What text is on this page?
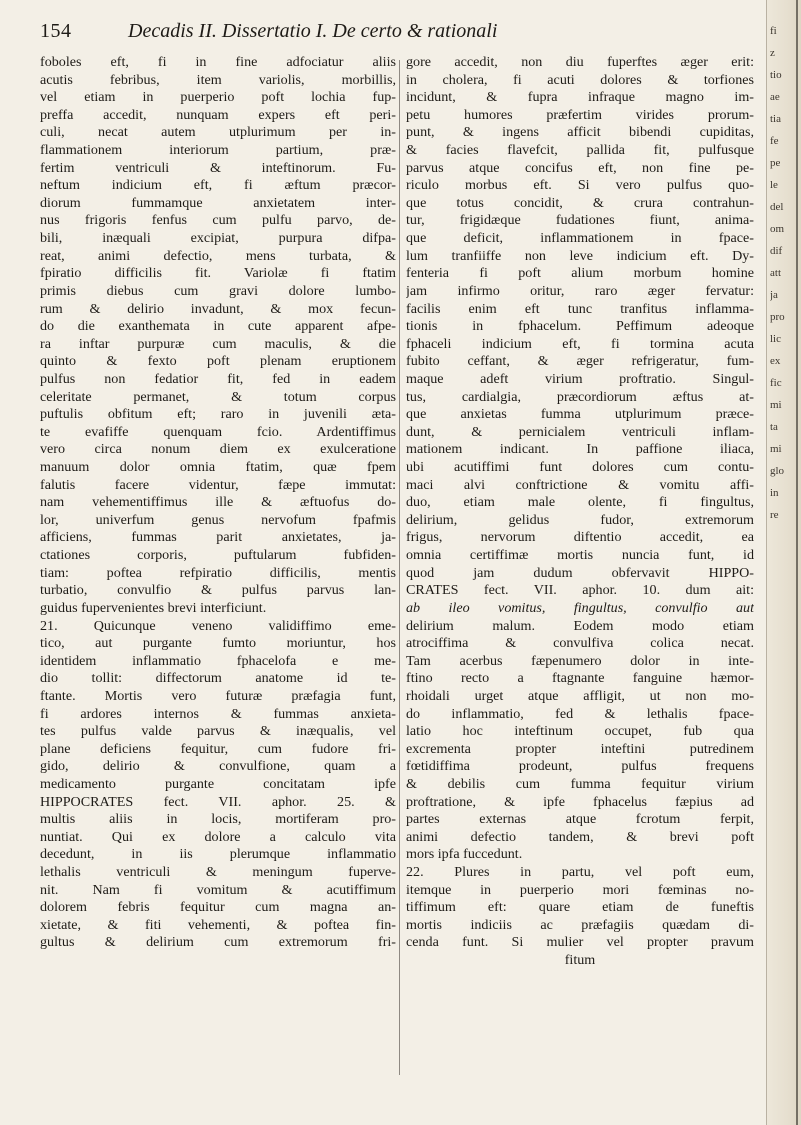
154	Decadis II. Dissertatio I. De certo & rationali
foboles eft, fi in fine adfociatur aliis
acutis febribus, item variolis, morbillis,
vel etiam in puerperio poft lochia fup-
preffa accedit, nunquam expers eft peri-
culi, necat autem utplurimum per in-
flammationem interiorum partium, præ-
fertim ventriculi & inteftinorum. Fu-
neftum indicium eft, fi æftum præcor-
diorum fummamque anxietatem inter-
nus frigoris fenfus cum pulfu parvo, de-
bili, inæquali excipiat, purpura difpa-
reat, animi defectio, mens turbata, &
fpiratio difficilis fit. Variolæ fi ftatim
primis diebus cum gravi dolore lumbo-
rum & delirio invadunt, & mox fecun-
do die exanthemata in cute apparent afpe-
ra inftar purpuræ cum maculis, & die
quinto & fexto poft plenam eruptionem
pulfus non fedatior fit, fed in eadem
celeritate permanet, & totum corpus
puftulis obfitum eft; raro in juvenili æta-
te evafiffe quenquam fcio. Ardentiffimus
vero circa nonum diem ex exulceratione
manuum dolor omnia ftatim, quæ fpem
falutis facere videntur, fæpe immutat:
nam vehementiffimus ille & æftuofus do-
lor, univerfum genus nervofum fpafmis
afficiens, fummas parit anxietates, ja-
ctationes corporis, puftularum fubfiden-
tiam: poftea refpiratio difficilis, mentis
turbatio, convulfio & pulfus parvus lan-
guidus fupervenientes brevi interficiunt.
21. Quicunque veneno validiffimo eme-
tico, aut purgante fumto moriuntur, hos
identidem inflammatio fphacelofa e me-
dio tollit: diffectorum anatome id te-
ftante. Mortis vero futuræ præfagia funt,
fi ardores internos & fummas anxieta-
tes pulfus valde parvus & inæqualis, vel
plane deficiens fequitur, cum fudore fri-
gido, delirio & convulfione, quam a
medicamento purgante concitatam ipfe
HIPPOCRATES fect. VII. aphor. 25. &
multis aliis in locis, mortiferam pro-
nuntiat. Qui ex dolore a calculo vita
decedunt, in iis plerumque inflammatio
lethalis ventriculi & meningum fuperve-
nit. Nam fi vomitum & acutiffimum
dolorem febris fequitur cum magna an-
xietate, & fiti vehementi, & poftea fin-
gultus & delirium cum extremorum fri-
gore accedit, non diu fuperftes æger erit:
in cholera, fi acuti dolores & torfiones
incidunt, & fupra infraque magno im-
petu humores præfertim virides prorum-
punt, & ingens afficit bibendi cupiditas,
& facies flavefcit, pallida fit, pulfusque
parvus atque concifus eft, non fine pe-
riculo morbus eft. Si vero pulfus quo-
que totus concidit, & crura contrahun-
tur, frigidæque fudationes fiunt, anima-
que deficit, inflammationem in fpace-
lum tranfiiffe non leve indicium eft. Dy-
fenteria fi poft alium morbum homine
jam infirmo oritur, raro æger fervatur:
facilis enim eft tunc tranfitus inflamma-
tionis in fphacelum. Peffimum adeoque
fphaceli indicium eft, fi tormina acuta
fubito ceffant, & æger refrigeratur, fum-
maque adeft virium proftratio. Singul-
tus, cardialgia, præcordiorum æftus at-
que anxietas fumma utplurimum præce-
dunt, & pernicialem ventriculi inflam-
mationem indicant. In paffione iliaca,
ubi acutiffimi funt dolores cum contu-
maci alvi conftrictione & vomitu affi-
duo, etiam male olente, fi fingultus,
delirium, gelidus fudor, extremorum
frigus, nervorum diftentio accedit, ea
omnia certiffimæ mortis nuncia funt, id
quod jam dudum obfervavit HIPPO-
CRATES fect. VII. aphor. 10. dum ait:
ab ileo vomitus, fingultus, convulfio aut
delirium malum. Eodem modo etiam
atrociffima & convulfiva colica necat.
Tam acerbus fæpenumero dolor in inte-
ftino recto a ftagnante fanguine hæmor-
rhoidali urget atque affligit, ut non mo-
do inflammatio, fed & lethalis fpace-
latio hoc inteftinum occupet, fub qua
excrementa propter inteftini putredinem
fœtidiffima prodeunt, pulfus frequens
& debilis cum fumma fequitur virium
proftratione, & ipfe fphacelus fæpius ad
partes externas atque fcrotum ferpit,
animi defectio tandem, & brevi poft
mors ipfa fuccedunt.
22. Plures in partu, vel poft eum,
itemque in puerperio mori fœminas no-
tiffimum eft: quare etiam de funeftis
mortis indiciis ac præfagiis quædam di-
cenda funt. Si mulier vel propter pravum
fitum
fi
z
tio
ae
tia
fe
pe
le
del
om
dif
att
ja
pro
lic
ex
fic
mi
ta
mi
glo
in
re
